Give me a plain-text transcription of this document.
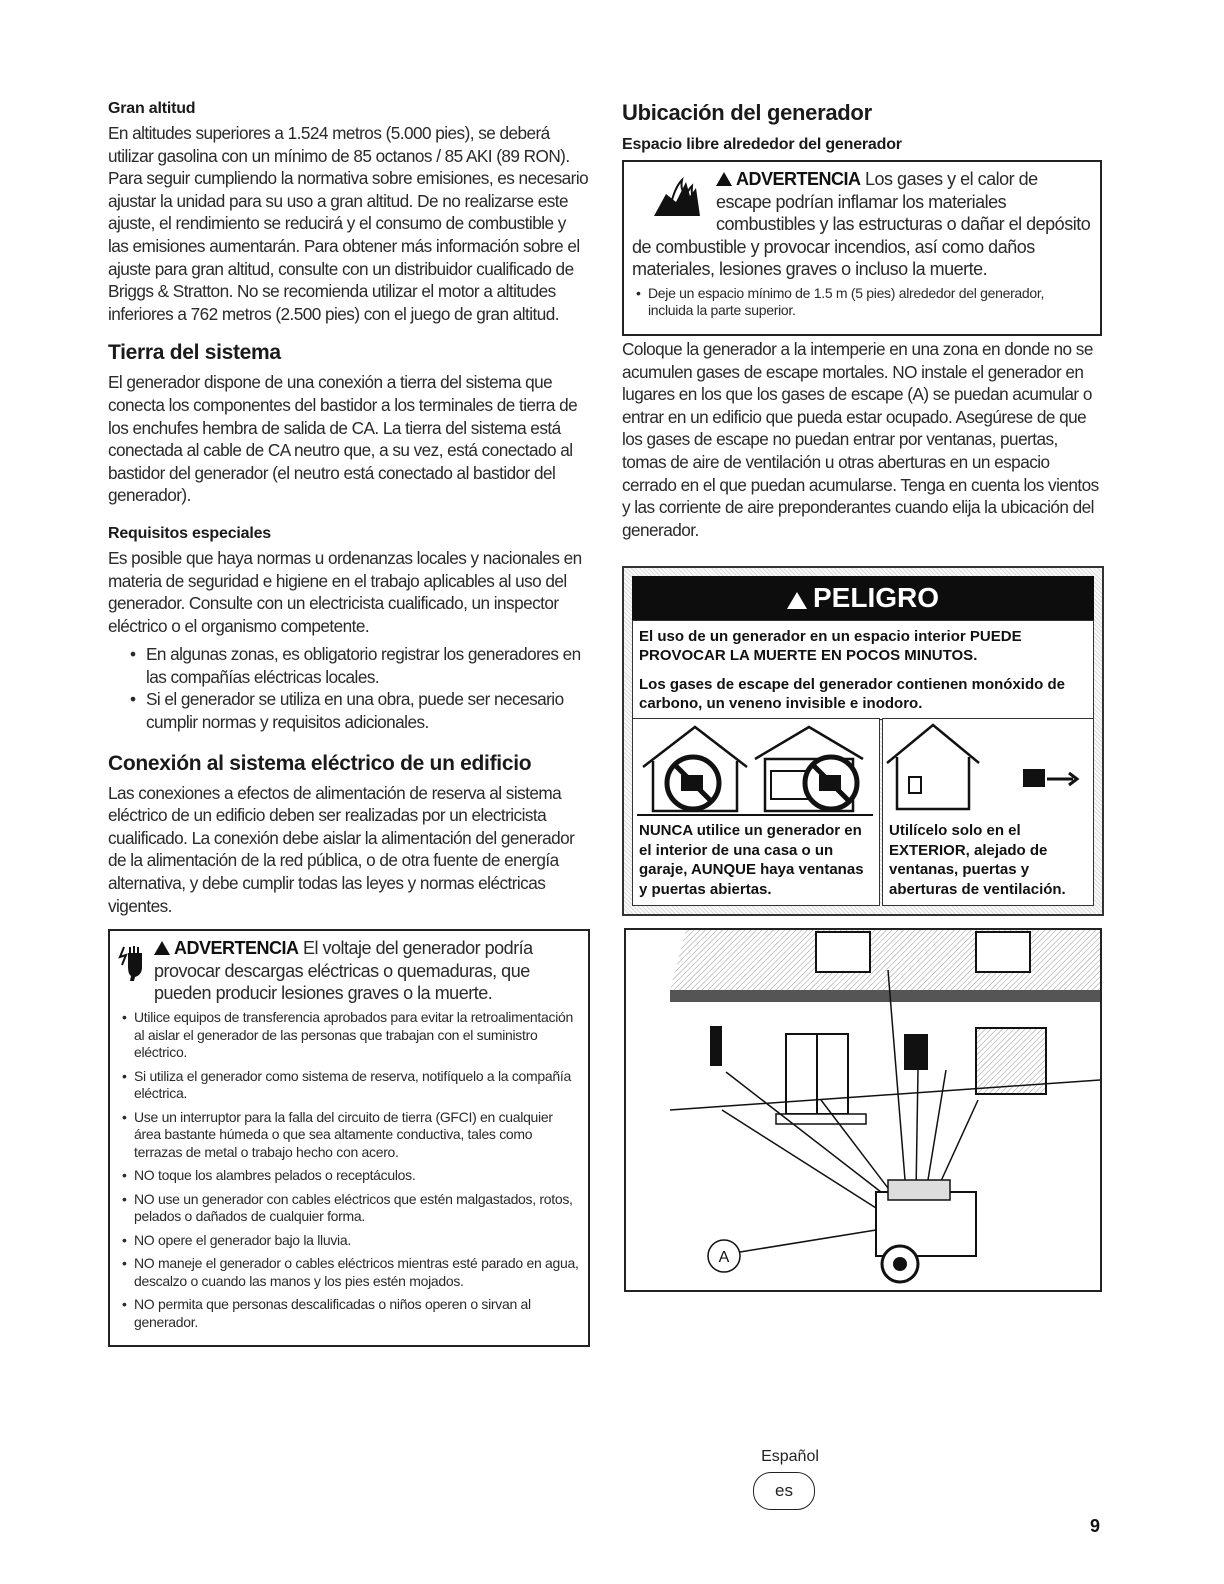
Gran altitud

En altitudes superiores a 1.524 metros (5.000 pies), se deberá utilizar gasolina con un mínimo de 85 octanos / 85 AKI (89 RON). Para seguir cumpliendo la normativa sobre emisiones, es necesario ajustar la unidad para su uso a gran altitud. De no realizarse este ajuste, el rendimiento se reducirá y el consumo de combustible y las emisiones aumentarán. Para obtener más información sobre el ajuste para gran altitud, consulte con un distribuidor cualificado de Briggs & Stratton. No se recomienda utilizar el motor a altitudes inferiores a 762 metros (2.500 pies) con el juego de gran altitud.

Tierra del sistema

El generador dispone de una conexión a tierra del sistema que conecta los componentes del bastidor a los terminales de tierra de los enchufes hembra de salida de CA. La tierra del sistema está conectada al cable de CA neutro que, a su vez, está conectado al bastidor del generador (el neutro está conectado al bastidor del generador).

Requisitos especiales

Es posible que haya normas u ordenanzas locales y nacionales en materia de seguridad e higiene en el trabajo aplicables al uso del generador. Consulte con un electricista cualificado, un inspector eléctrico o el organismo competente.

• En algunas zonas, es obligatorio registrar los generadores en las compañías eléctricas locales.
• Si el generador se utiliza en una obra, puede ser necesario cumplir normas y requisitos adicionales.
Conexión al sistema eléctrico de un edificio

Las conexiones a efectos de alimentación de reserva al sistema eléctrico de un edificio deben ser realizadas por un electricista cualificado. La conexión debe aislar la alimentación del generador de la alimentación de la red pública, o de otra fuente de energía alternativa, y debe cumplir todas las leyes y normas eléctricas vigentes.

ADVERTENCIA El voltaje del generador podría provocar descargas eléctricas o quemaduras, que pueden producir lesiones graves o la muerte.
• Utilice equipos de transferencia aprobados para evitar la retroalimentación al aislar el generador de las personas que trabajan con el suministro eléctrico.
• Si utiliza el generador como sistema de reserva, notifíquelo a la compañía eléctrica.
• Use un interruptor para la falla del circuito de tierra (GFCI) en cualquier área bastante húmeda o que sea altamente conductiva, tales como terrazas de metal o trabajo hecho con acero.
• NO toque los alambres pelados o receptáculos.
• NO use un generador con cables eléctricos que estén malgastados, rotos, pelados o dañados de cualquier forma.
• NO opere el generador bajo la lluvia.
• NO maneje el generador o cables eléctricos mientras esté parado en agua, descalzo o cuando las manos y los pies estén mojados.
• NO permita que personas descalificadas o niños operen o sirvan al generador.
Ubicación del generador
Espacio libre alrededor del generador
ADVERTENCIA Los gases y el calor de escape podrían inflamar los materiales combustibles y las estructuras o dañar el depósito de combustible y provocar incendios, así como daños materiales, lesiones graves o incluso la muerte.
• Deje un espacio mínimo de 1.5 m (5 pies) alrededor del generador, incluida la parte superior.

Coloque la generador a la intemperie en una zona en donde no se acumulen gases de escape mortales. NO instale el generador en lugares en los que los gases de escape (A) se puedan acumular o entrar en un edificio que pueda estar ocupado. Asegúrese de que los gases de escape no puedan entrar por ventanas, puertas, tomas de aire de ventilación u otras aberturas en un espacio cerrado en el que puedan acumularse. Tenga en cuenta los vientos y las corriente de aire preponderantes cuando elija la ubicación del generador.

PELIGRO

El uso de un generador en un espacio interior PUEDE PROVOCAR LA MUERTE EN POCOS MINUTOS.

Los gases de escape del generador contienen monóxido de carbono, un veneno invisible e inodoro.

NUNCA utilice un generador en el interior de una casa o un garaje, AUNQUE haya ventanas y puertas abiertas.
Utilícelo solo en el EXTERIOR, alejado de ventanas, puertas y aberturas de ventilación.
A
Español
es
9
